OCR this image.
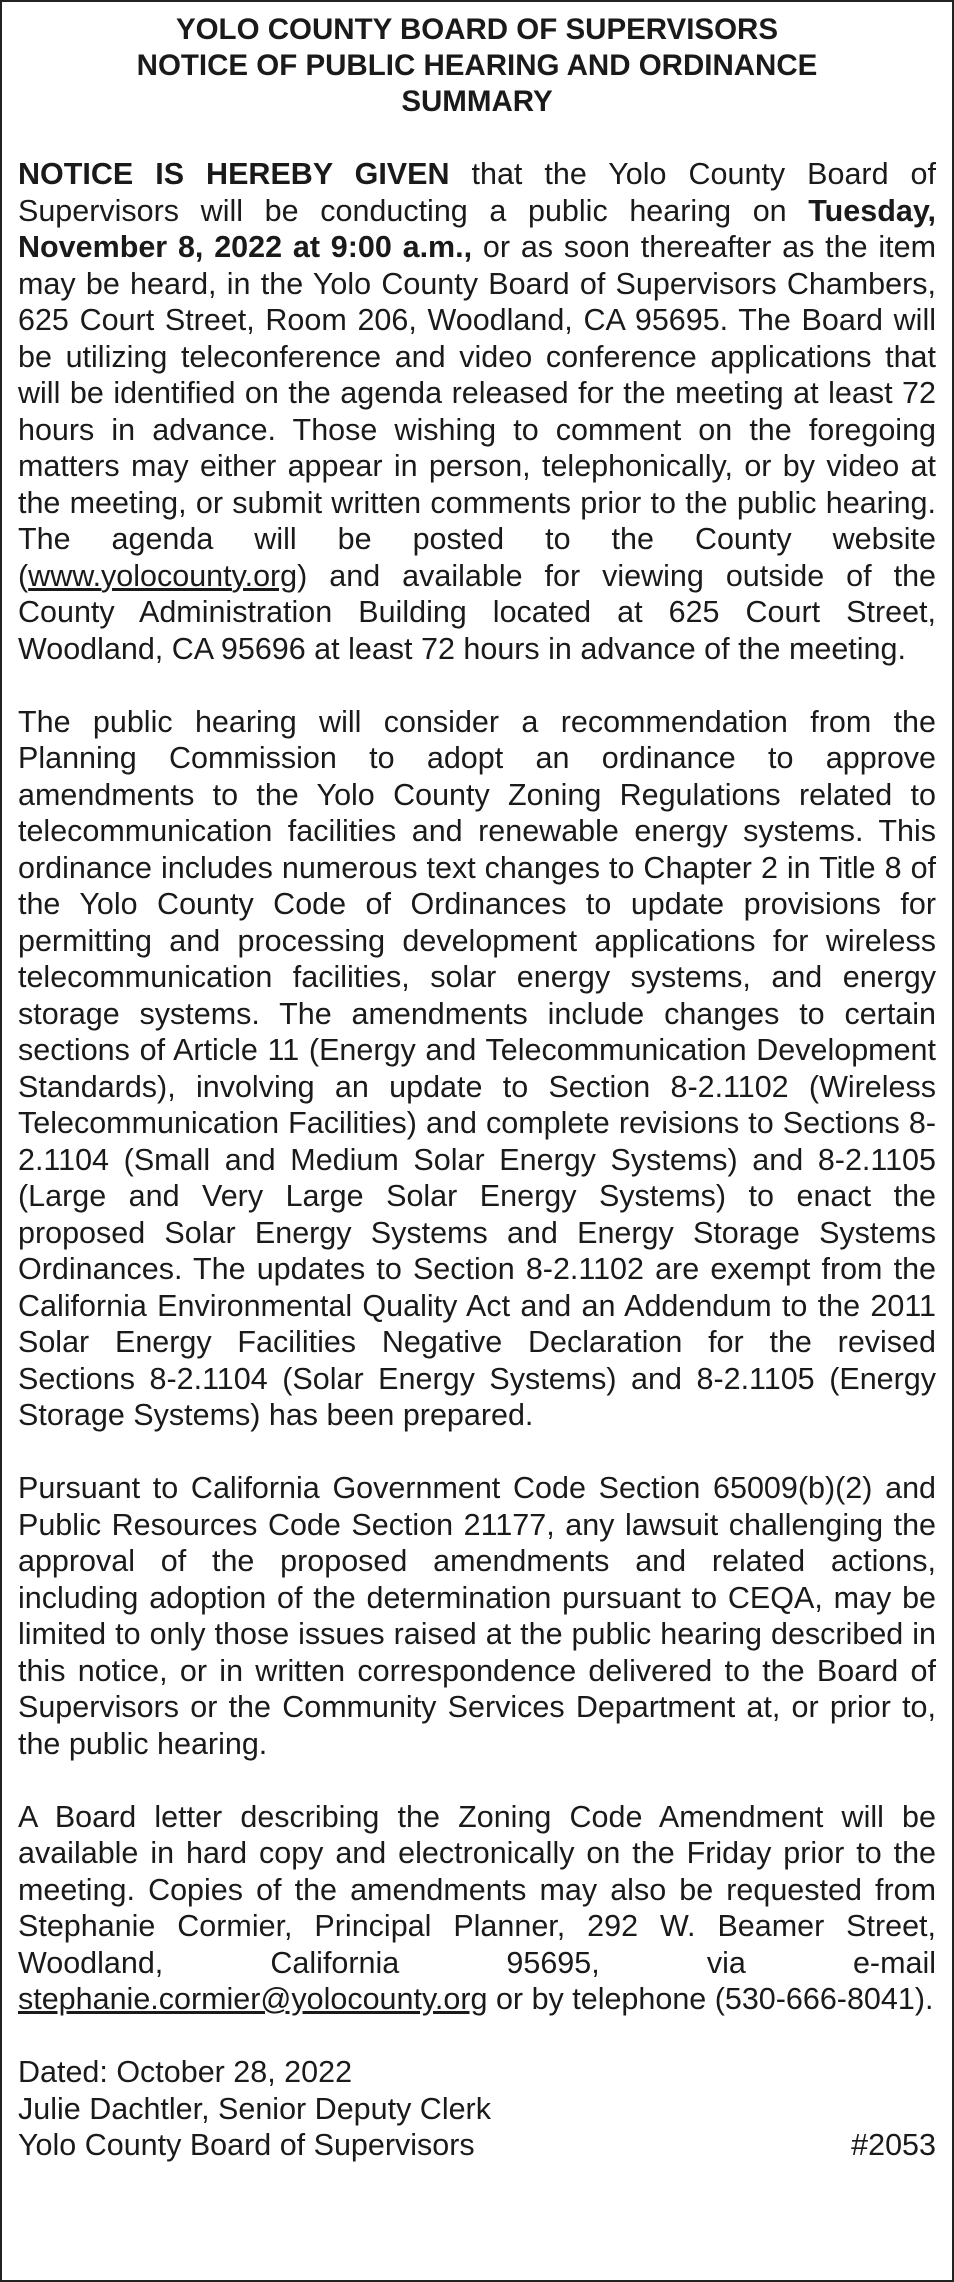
YOLO COUNTY BOARD OF SUPERVISORS
NOTICE OF PUBLIC HEARING AND ORDINANCE
SUMMARY

NOTICE IS HEREBY GIVEN that the Yolo County Board of Supervisors will be conducting a public hearing on Tuesday, November 8, 2022 at 9:00 a.m., or as soon thereafter as the item may be heard, in the Yolo County Board of Supervisors Chambers, 625 Court Street, Room 206, Woodland, CA 95695. The Board will be utilizing teleconference and video conference applications that will be identified on the agenda released for the meeting at least 72 hours in advance. Those wishing to comment on the foregoing matters may either appear in person, telephonically, or by video at the meeting, or submit written comments prior to the public hearing. The agenda will be posted to the County website (www.yolocounty.org) and available for viewing outside of the County Administration Building located at 625 Court Street, Woodland, CA 95696 at least 72 hours in advance of the meeting.

The public hearing will consider a recommendation from the Planning Commission to adopt an ordinance to approve amendments to the Yolo County Zoning Regulations related to telecommunication facilities and renewable energy systems. This ordinance includes numerous text changes to Chapter 2 in Title 8 of the Yolo County Code of Ordinances to update provisions for permitting and processing development applications for wireless telecommunication facilities, solar energy systems, and energy storage systems. The amendments include changes to certain sections of Article 11 (Energy and Telecommunication Development Standards), involving an update to Section 8-2.1102 (Wireless Telecommunication Facilities) and complete revisions to Sections 8-2.1104 (Small and Medium Solar Energy Systems) and 8-2.1105 (Large and Very Large Solar Energy Systems) to enact the proposed Solar Energy Systems and Energy Storage Systems Ordinances. The updates to Section 8-2.1102 are exempt from the California Environmental Quality Act and an Addendum to the 2011 Solar Energy Facilities Negative Declaration for the revised Sections 8-2.1104 (Solar Energy Systems) and 8-2.1105 (Energy Storage Systems) has been prepared.

Pursuant to California Government Code Section 65009(b)(2) and Public Resources Code Section 21177, any lawsuit challenging the approval of the proposed amendments and related actions, including adoption of the determination pursuant to CEQA, may be limited to only those issues raised at the public hearing described in this notice, or in written correspondence delivered to the Board of Supervisors or the Community Services Department at, or prior to, the public hearing.

A Board letter describing the Zoning Code Amendment will be available in hard copy and electronically on the Friday prior to the meeting. Copies of the amendments may also be requested from Stephanie Cormier, Principal Planner, 292 W. Beamer Street, Woodland, California 95695, via e-mail stephanie.cormier@yolocounty.org or by telephone (530-666-8041).

Dated: October 28, 2022
Julie Dachtler, Senior Deputy Clerk
Yolo County Board of Supervisors	#2053
